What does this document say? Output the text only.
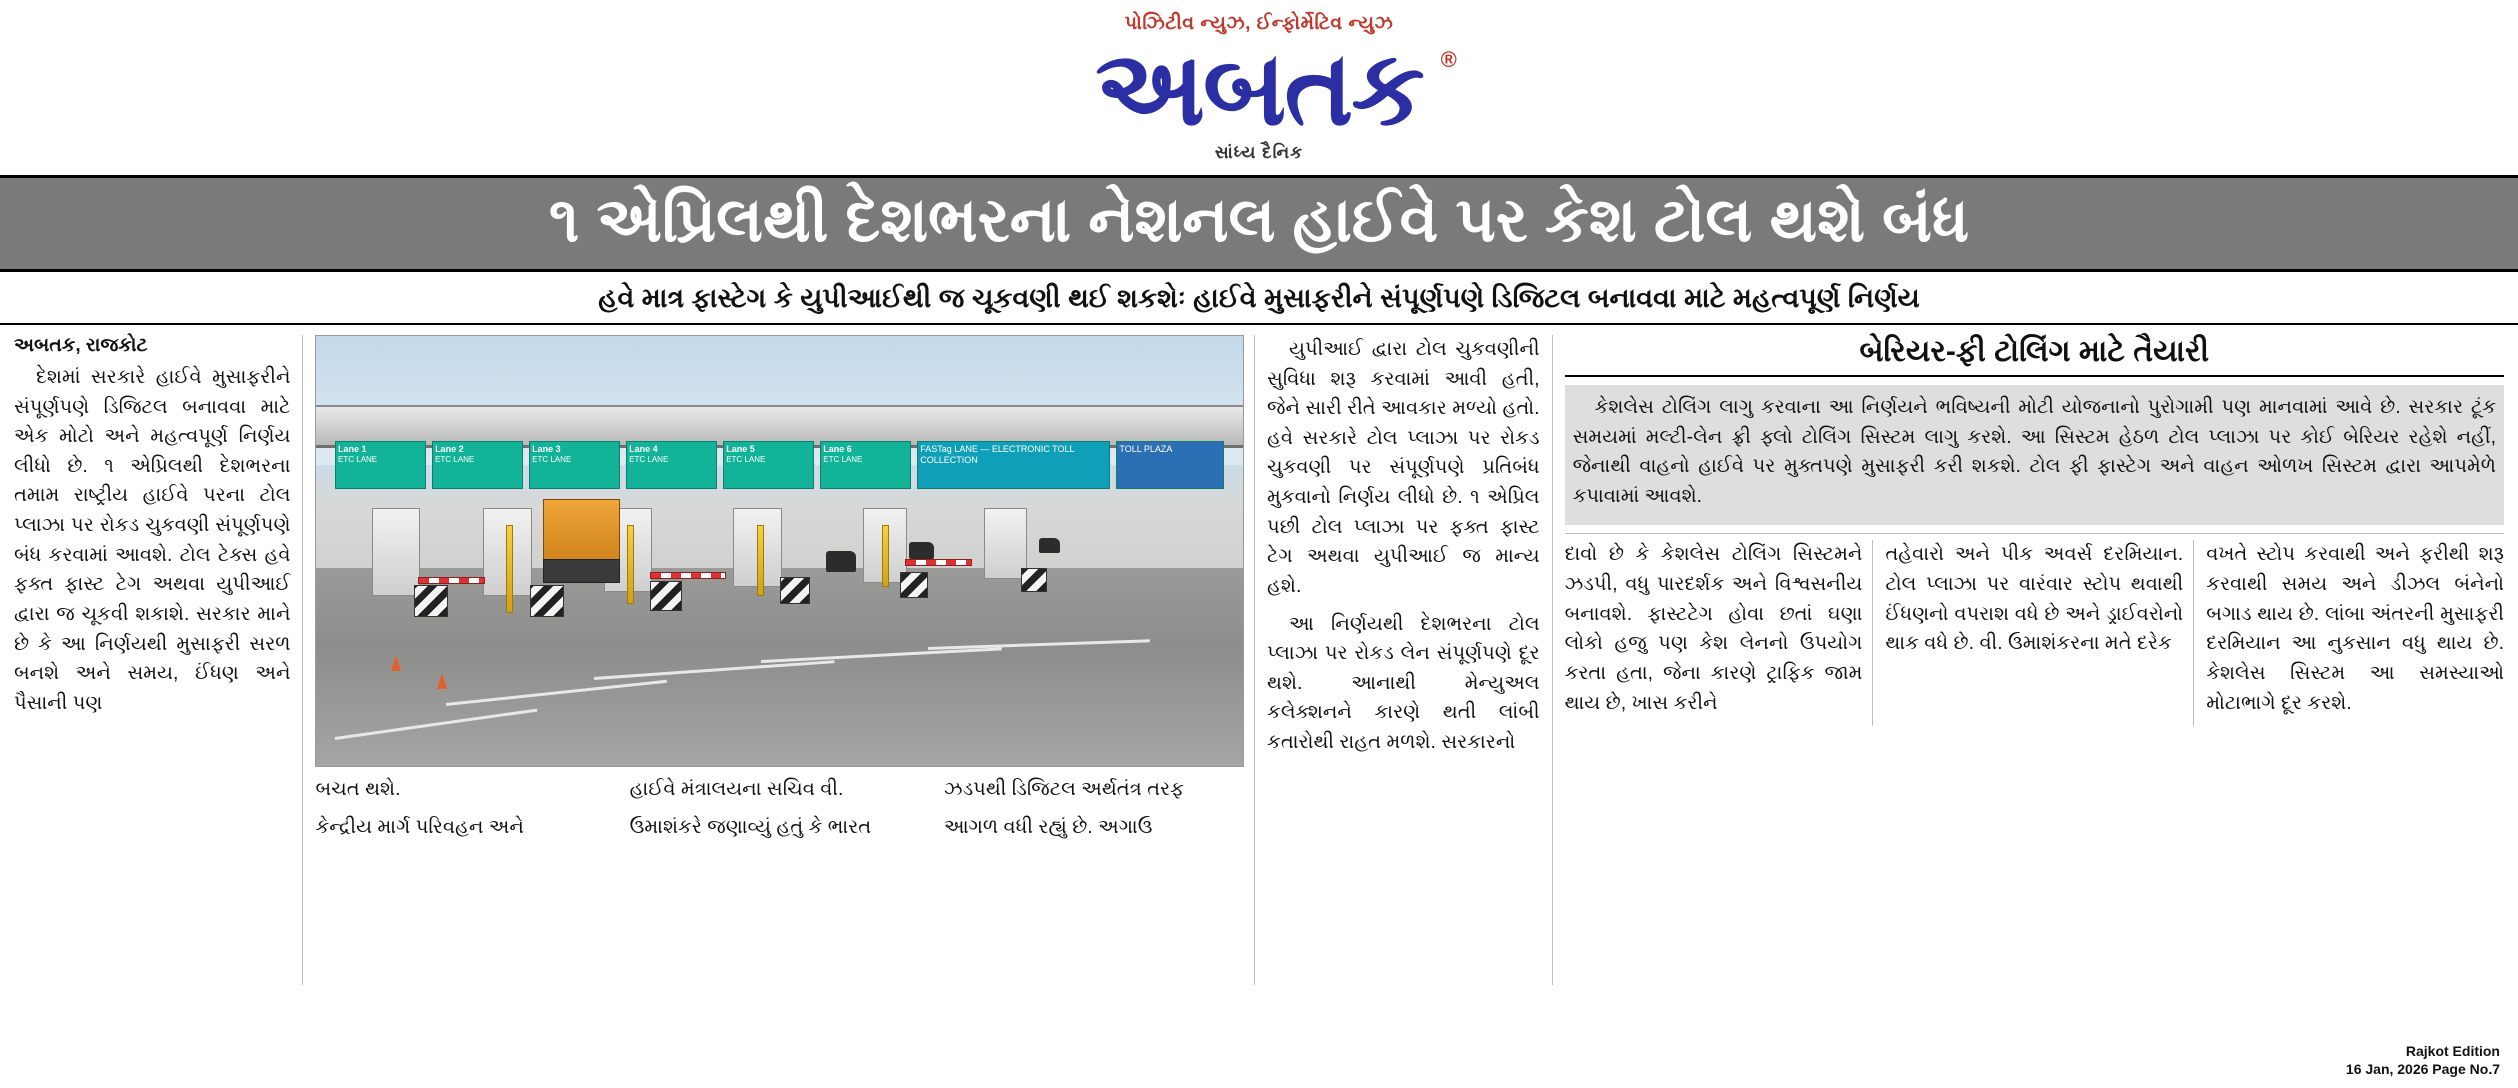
પોઝિટીવ ન્યુઝ, ઈન્ફોર્મેટિવ ન્યુઝ
અબતક ®
સાંધ્ય દૈનિક
૧ એપ્રિલથી દેશભરના નેશનલ હાઈવે પર કેશ ટોલ થશે બંધ
હવે માત્ર ફાસ્ટેગ કે યુપીઆઈથી જ ચૂકવણી થઈ શકશેઃ હાઈવે મુસાફરીને સંપૂર્ણપણે ડિજિટલ બનાવવા માટે મહત્વપૂર્ણ નિર્ણય
અબતક, રાજકોટ

દેશમાં સરકારે હાઈવે મુસાફરીને સંપૂર્ણપણે ડિજિટલ બનાવવા માટે એક મોટો અને મહત્વપૂર્ણ નિર્ણય લીધો છે. ૧ એપ્રિલથી દેશભરના તમામ રાષ્ટ્રીય હાઈવે પરના ટોલ પ્લાઝા પર રોકડ ચુકવણી સંપૂર્ણપણે બંધ કરવામાં આવશે. ટોલ ટેક્સ હવે ફક્ત ફાસ્ટ ટેગ અથવા યુપીઆઈ દ્વારા જ ચૂકવી શકાશે. સરકાર માને છે કે આ નિર્ણયથી મુસાફરી સરળ બનશે અને સમય, ઈંધણ અને પૈસાની પણ

Lane 1
ETC LANE
Lane 2
ETC LANE
Lane 3
ETC LANE
Lane 4
ETC LANE
Lane 5
ETC LANE
Lane 6
ETC LANE
FASTag LANE — ELECTRONIC TOLL COLLECTION
TOLL PLAZA

બચત થશે.

કેન્દ્રીય માર્ગ પરિવહન અને

હાઈવે મંત્રાલયના સચિવ વી.

ઉમાશંકરે જણાવ્યું હતું કે ભારત

ઝડપથી ડિજિટલ અર્થતંત્ર તરફ

આગળ વધી રહ્યું છે. અગાઉ

યુપીઆઈ દ્વારા ટોલ ચુકવણીની સુવિધા શરૂ કરવામાં આવી હતી, જેને સારી રીતે આવકાર મળ્યો હતો. હવે સરકારે ટોલ પ્લાઝા પર રોકડ ચુકવણી પર સંપૂર્ણપણે પ્રતિબંધ મુકવાનો નિર્ણય લીધો છે. ૧ એપ્રિલ પછી ટોલ પ્લાઝા પર ફક્ત ફાસ્ટ ટેગ અથવા યુપીઆઈ જ માન્ય હશે.

આ નિર્ણયથી દેશભરના ટોલ પ્લાઝા પર રોકડ લેન સંપૂર્ણપણે દૂર થશે. આનાથી મેન્યુઅલ કલેક્શનને કારણે થતી લાંબી કતારોથી રાહત મળશે. સરકારનો

બેરિયર-ફી ટોલિંગ માટે તૈયારી

કેશલેસ ટોલિંગ લાગુ કરવાના આ નિર્ણયને ભવિષ્યની મોટી યોજનાનો પુરોગામી પણ માનવામાં આવે છે. સરકાર ટૂંક સમયમાં મલ્ટી-લેન ફ્રી ફ્લો ટોલિંગ સિસ્ટમ લાગુ કરશે. આ સિસ્ટમ હેઠળ ટોલ પ્લાઝા પર કોઈ બેરિયર રહેશે નહીં, જેનાથી વાહનો હાઈવે પર મુક્તપણે મુસાફરી કરી શકશે. ટોલ ફી ફાસ્ટેગ અને વાહન ઓળખ સિસ્ટમ દ્વારા આપમેળે કપાવામાં આવશે.

દાવો છે કે કેશલેસ ટોલિંગ સિસ્ટમને ઝડપી, વધુ પારદર્શક અને વિશ્વસનીય બનાવશે. ફાસ્ટટેગ હોવા છતાં ઘણા લોકો હજુ પણ કેશ લેનનો ઉપયોગ કરતા હતા, જેના કારણે ટ્રાફિક જામ થાય છે, ખાસ કરીને

તહેવારો અને પીક અવર્સ દરમિયાન. ટોલ પ્લાઝા પર વારંવાર સ્ટોપ થવાથી ઈંધણનો વપરાશ વધે છે અને ડ્રાઈવરોનો થાક વધે છે. વી. ઉમાશંકરના મતે દરેક

વખતે સ્ટોપ કરવાથી અને ફરીથી શરૂ કરવાથી સમય અને ડીઝલ બંનેનો બગાડ થાય છે. લાંબા અંતરની મુસાફરી દરમિયાન આ નુકસાન વધુ થાય છે. કેશલેસ સિસ્ટમ આ સમસ્યાઓ મોટાભાગે દૂર કરશે.

Rajkot Edition
16 Jan, 2026 Page No.7
